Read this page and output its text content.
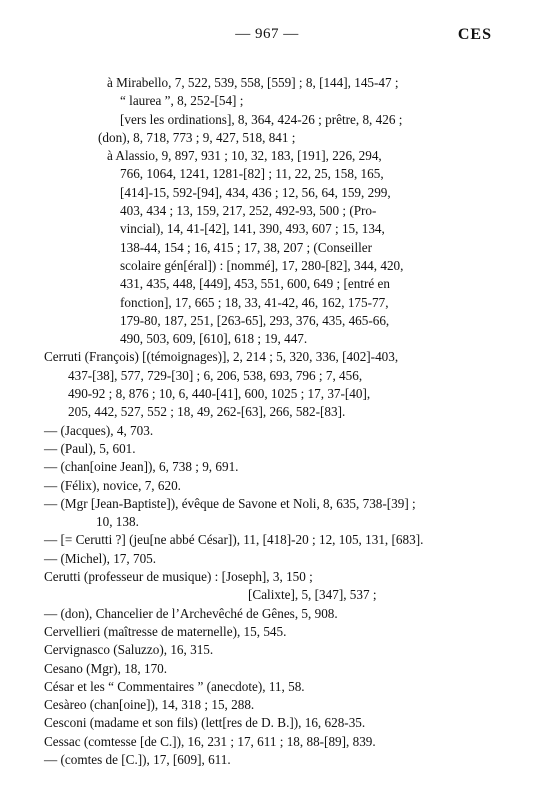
— 967 —	CES
à Mirabello, 7, 522, 539, 558, [559] ; 8, [144], 145-47 ;
“ laurea ”, 8, 252-[54] ;
[vers les ordinations], 8, 364, 424-26 ; prêtre, 8, 426 ;
(don), 8, 718, 773 ; 9, 427, 518, 841 ;
à Alassio, 9, 897, 931 ; 10, 32, 183, [191], 226, 294,
766, 1064, 1241, 1281-[82] ; 11, 22, 25, 158, 165,
[414]-15, 592-[94], 434, 436 ; 12, 56, 64, 159, 299,
403, 434 ; 13, 159, 217, 252, 492-93, 500 ; (Pro-
vincial), 14, 41-[42], 141, 390, 493, 607 ; 15, 134,
138-44, 154 ; 16, 415 ; 17, 38, 207 ; (Conseiller
scolaire gén[éral]) : [nommé], 17, 280-[82], 344, 420,
431, 435, 448, [449], 453, 551, 600, 649 ; [entré en
fonction], 17, 665 ; 18, 33, 41-42, 46, 162, 175-77,
179-80, 187, 251, [263-65], 293, 376, 435, 465-66,
490, 503, 609, [610], 618 ; 19, 447.
Cerruti (François) [(témoignages)], 2, 214 ; 5, 320, 336, [402]-403,
437-[38], 577, 729-[30] ; 6, 206, 538, 693, 796 ; 7, 456,
490-92 ; 8, 876 ; 10, 6, 440-[41], 600, 1025 ; 17, 37-[40],
205, 442, 527, 552 ; 18, 49, 262-[63], 266, 582-[83].
— (Jacques), 4, 703.
— (Paul), 5, 601.
— (chan[oine Jean]), 6, 738 ; 9, 691.
— (Félix), novice, 7, 620.
— (Mgr [Jean-Baptiste]), évêque de Savone et Noli, 8, 635, 738-[39] ;
10, 138.
— [= Cerutti ?] (jeu[ne abbé César]), 11, [418]-20 ; 12, 105, 131, [683].
— (Michel), 17, 705.
Cerutti (professeur de musique) : [Joseph], 3, 150 ;
[Calixte], 5, [347], 537 ;
— (don), Chancelier de l’Archevêché de Gênes, 5, 908.
Cervellieri (maîtresse de maternelle), 15, 545.
Cervignasco (Saluzzo), 16, 315.
Cesano (Mgr), 18, 170.
César et les “ Commentaires ” (anecdote), 11, 58.
Cesàreo (chan[oine]), 14, 318 ; 15, 288.
Cesconi (madame et son fils) (lett[res de D. B.]), 16, 628-35.
Cessac (comtesse [de C.]), 16, 231 ; 17, 611 ; 18, 88-[89], 839.
— (comtes de [C.]), 17, [609], 611.
